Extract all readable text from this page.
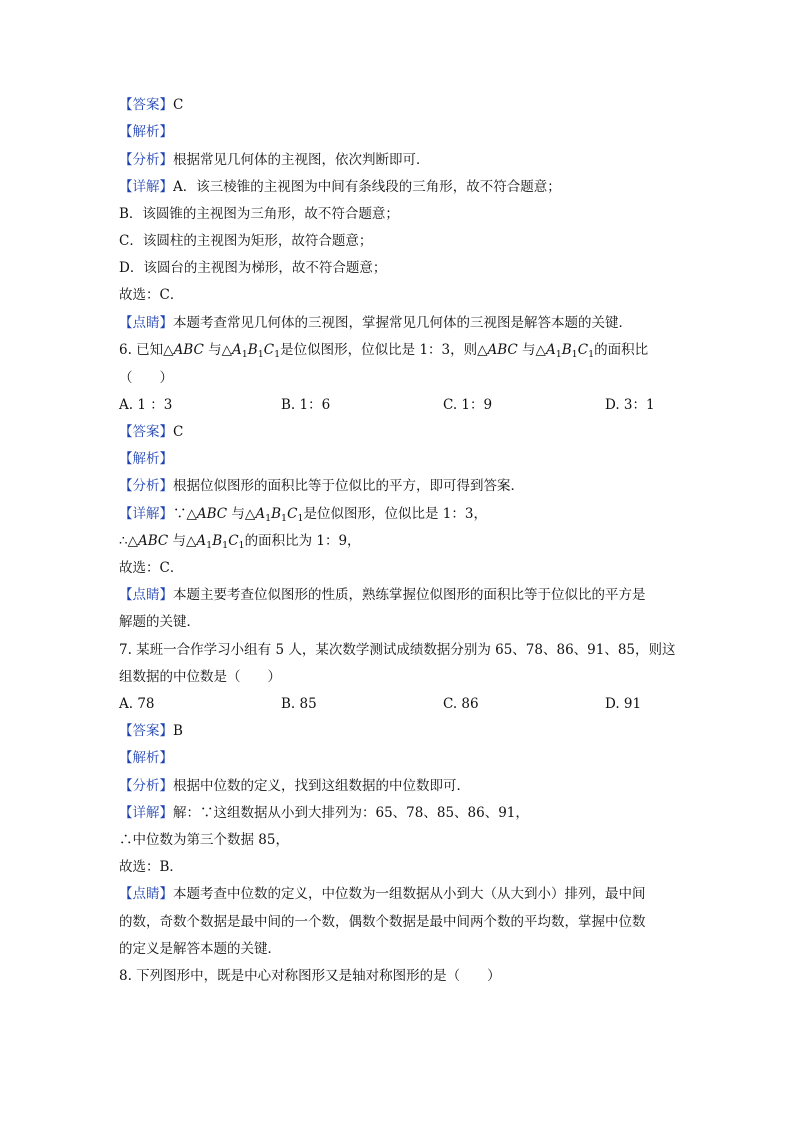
【答案】C
【解析】
【分析】根据常见几何体的主视图，依次判断即可．
【详解】A．该三棱锥的主视图为中间有条线段的三角形，故不符合题意；
B．该圆锥的主视图为三角形，故不符合题意；
C．该圆柱的主视图为矩形，故符合题意；
D．该圆台的主视图为梯形，故不符合题意；
故选：C．
【点睛】本题考查常见几何体的三视图，掌握常见几何体的三视图是解答本题的关键．
6. 已知△ABC 与$\triangle A_1B_1C_1$是位似图形，位似比是 1：3，则△ABC 与$\triangle A_1B_1C_1$的面积比
（　　）
A. 1 ：3	B. 1：6	C. 1：9	D. 3：1
【答案】C
【解析】
【分析】根据位似图形的面积比等于位似比的平方，即可得到答案．
【详解】∵△ABC 与$\triangle A_1B_1C_1$是位似图形，位似比是 1：3，
∴△ABC 与$\triangle A_1B_1C_1$的面积比为 1：9，
故选：C．
【点睛】本题主要考查位似图形的性质，熟练掌握位似图形的面积比等于位似比的平方是
解题的关键．
7. 某班一合作学习小组有 5 人，某次数学测试成绩数据分别为 65、78、86、91、85，则这
组数据的中位数是（　　）
A. 78	B. 85	C. 86	D. 91
【答案】B
【解析】
【分析】根据中位数的定义，找到这组数据的中位数即可．
【详解】解：∵这组数据从小到大排列为：65、78、85、86、91，
∴中位数为第三个数据 85，
故选：B．
【点睛】本题考查中位数的定义，中位数为一组数据从小到大（从大到小）排列，最中间
的数，奇数个数据是最中间的一个数，偶数个数据是最中间两个数的平均数，掌握中位数
的定义是解答本题的关键．
8. 下列图形中，既是中心对称图形又是轴对称图形的是（　　）
